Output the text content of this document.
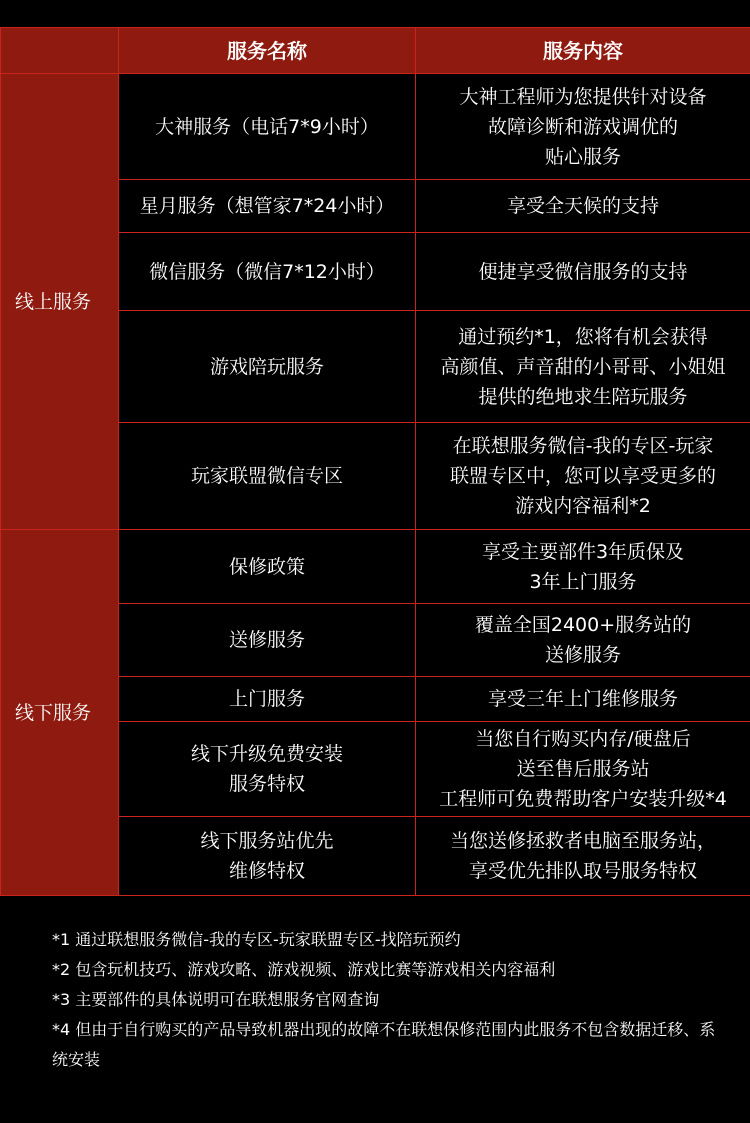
	服务名称	服务内容
线上服务	大神服务（电话7*9小时）	大神工程师为您提供针对设备
故障诊断和游戏调优的
贴心服务

	星月服务（想管家7*24小时）	享受全天候的支持

	微信服务（微信7*12小时）	便捷享受微信服务的支持

	游戏陪玩服务	通过预约*1，您将有机会获得
高颜值、声音甜的小哥哥、小姐姐
提供的绝地求生陪玩服务

	玩家联盟微信专区	在联想服务微信-我的专区-玩家
联盟专区中，您可以享受更多的
游戏内容福利*2

线下服务	保修政策	享受主要部件3年质保及
3年上门服务

	送修服务	覆盖全国2400+服务站的
送修服务

	上门服务	享受三年上门维修服务

	线下升级免费安装
服务特权	当您自行购买内存/硬盘后
送至售后服务站
工程师可免费帮助客户安装升级*4

	线下服务站优先
维修特权	当您送修拯救者电脑至服务站，
享受优先排队取号服务特权
*1 通过联想服务微信-我的专区-玩家联盟专区-找陪玩预约
*2 包含玩机技巧、游戏攻略、游戏视频、游戏比赛等游戏相关内容福利
*3 主要部件的具体说明可在联想服务官网查询
*4 但由于自行购买的产品导致机器出现的故障不在联想保修范围内此服务不包含数据迁移、系统安装
